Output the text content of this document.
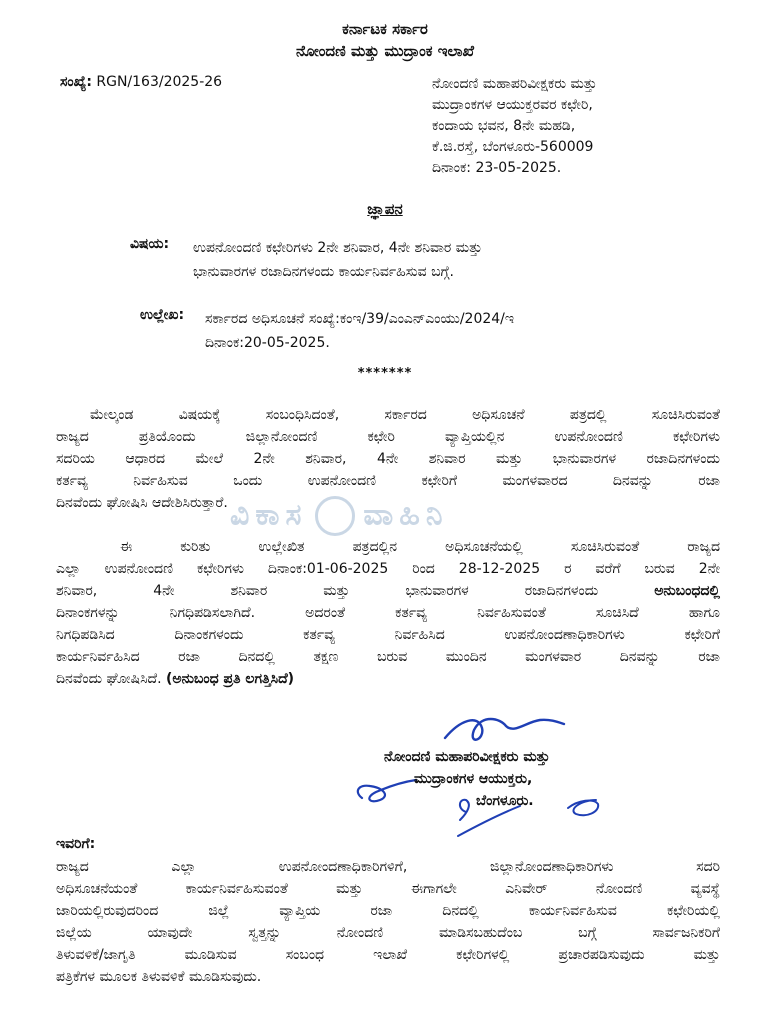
ಕರ್ನಾಟಕ ಸರ್ಕಾರ
ನೋಂದಣಿ ಮತ್ತು ಮುದ್ರಾಂಕ ಇಲಾಖೆ
ಸಂಖ್ಯೆ: RGN/163/2025-26	ನೋಂದಣಿ ಮಹಾಪರಿವೀಕ್ಷಕರು ಮತ್ತು
ಮುದ್ರಾಂಕಗಳ ಆಯುಕ್ತರವರ ಕಛೇರಿ,
ಕಂದಾಯ ಭವನ, 8ನೇ ಮಹಡಿ,
ಕೆ.ಜಿ.ರಸ್ತೆ, ಬೆಂಗಳೂರು-560009
ದಿನಾಂಕ: 23-05-2025.
ಜ್ಞಾಪನ
ವಿಷಯ: ಉಪನೋಂದಣಿ ಕಛೇರಿಗಳು 2ನೇ ಶನಿವಾರ, 4ನೇ ಶನಿವಾರ ಮತ್ತು
ಭಾನುವಾರಗಳ ರಜಾದಿನಗಳಂದು ಕಾರ್ಯನಿರ್ವಹಿಸುವ ಬಗ್ಗೆ.
ಉಲ್ಲೇಖ: ಸರ್ಕಾರದ ಅಧಿಸೂಚನೆ ಸಂಖ್ಯೆ:ಕಂಇ/39/ಎಂಎನ್‌ಎಂಯು/2024/ಇ
ದಿನಾಂಕ:20-05-2025.
*******
ಮೇಲ್ಕಂಡ ವಿಷಯಕ್ಕೆ ಸಂಬಂಧಿಸಿದಂತೆ, ಸರ್ಕಾರದ ಅಧಿಸೂಚನೆ ಪತ್ರದಲ್ಲಿ ಸೂಚಿಸಿರುವಂತೆ
ರಾಜ್ಯದ ಪ್ರತಿಯೊಂದು ಜಿಲ್ಲಾನೋಂದಣಿ ಕಛೇರಿ ವ್ಯಾಪ್ತಿಯಲ್ಲಿನ ಉಪನೋಂದಣಿ ಕಛೇರಿಗಳು
ಸದರಿಯ ಆಧಾರದ ಮೇಲೆ 2ನೇ ಶನಿವಾರ, 4ನೇ ಶನಿವಾರ ಮತ್ತು ಭಾನುವಾರಗಳ ರಜಾದಿನಗಳಂದು
ಕರ್ತವ್ಯ ನಿರ್ವಹಿಸುವ ಒಂದು ಉಪನೋಂದಣಿ ಕಛೇರಿಗೆ ಮಂಗಳವಾರದ ದಿನವನ್ನು ರಜಾ
ದಿನವೆಂದು ಘೋಷಿಸಿ ಆದೇಶಿಸಿರುತ್ತಾರೆ. ವಿಕಾಸ ವಾಹಿನಿ
ಈ ಕುರಿತು ಉಲ್ಲೇಖಿತ ಪತ್ರದಲ್ಲಿನ ಅಧಿಸೂಚನೆಯಲ್ಲಿ ಸೂಚಿಸಿರುವಂತೆ ರಾಜ್ಯದ
ಎಲ್ಲಾ ಉಪನೋಂದಣಿ ಕಛೇರಿಗಳು ದಿನಾಂಕ:01-06-2025 ರಿಂದ 28-12-2025 ರ ವರೆಗೆ ಬರುವ 2ನೇ
ಶನಿವಾರ, 4ನೇ ಶನಿವಾರ ಮತ್ತು ಭಾನುವಾರಗಳ ರಜಾದಿನಗಳಂದು	ಅನುಬಂಧದಲ್ಲಿ
ದಿನಾಂಕಗಳನ್ನು ನಿಗಧಿಪಡಿಸಲಾಗಿದೆ. ಅದರಂತೆ ಕರ್ತವ್ಯ ನಿರ್ವಹಿಸುವಂತೆ ಸೂಚಿಸಿದೆ ಹಾಗೂ
ನಿಗಧಿಪಡಿಸಿದ ದಿನಾಂಕಗಳಂದು ಕರ್ತವ್ಯ ನಿರ್ವಹಿಸಿದ ಉಪನೋಂದಣಾಧಿಕಾರಿಗಳು ಕಛೇರಿಗೆ
ಕಾರ್ಯನಿರ್ವಹಿಸಿದ ರಜಾ ದಿನದಲ್ಲಿ ತಕ್ಷಣ ಬರುವ ಮುಂದಿನ ಮಂಗಳವಾರ ದಿನವನ್ನು ರಜಾ
ದಿನವೆಂದು ಘೋಷಿಸಿದೆ. (ಅನುಬಂಧ ಪ್ರತಿ ಲಗತ್ತಿಸಿದೆ)
ನೋಂದಣಿ ಮಹಾಪರಿವೀಕ್ಷಕರು ಮತ್ತು
ಮುದ್ರಾಂಕಗಳ ಆಯುಕ್ತರು,
ಬೆಂಗಳೂರು.
ಇವರಿಗೆ:
ರಾಜ್ಯದ ಎಲ್ಲಾ ಉಪನೋಂದಣಾಧಿಕಾರಿಗಳಿಗೆ, ಜಿಲ್ಲಾನೋಂದಣಾಧಿಕಾರಿಗಳು ಸದರಿ
ಅಧಿಸೂಚನೆಯಂತೆ ಕಾರ್ಯನಿರ್ವಹಿಸುವಂತೆ ಮತ್ತು ಈಗಾಗಲೇ ಎನಿವೇರ್ ನೋಂದಣಿ ವ್ಯವಸ್ಥೆ
ಜಾರಿಯಲ್ಲಿರುವುದರಿಂದ ಜಿಲ್ಲೆ ವ್ಯಾಪ್ತಿಯ ರಜಾ ದಿನದಲ್ಲಿ ಕಾರ್ಯನಿರ್ವಹಿಸುವ ಕಛೇರಿಯಲ್ಲಿ
ಜಿಲ್ಲೆಯ ಯಾವುದೇ ಸ್ವತ್ತನ್ನು ನೋಂದಣಿ ಮಾಡಿಸಬಹುದೆಂಬ ಬಗ್ಗೆ ಸಾರ್ವಜನಿಕರಿಗೆ
ತಿಳುವಳಿಕೆ/ಜಾಗೃತಿ ಮೂಡಿಸುವ ಸಂಬಂಧ ಇಲಾಖೆ ಕಛೇರಿಗಳಲ್ಲಿ ಪ್ರಚಾರಪಡಿಸುವುದು ಮತ್ತು
ಪತ್ರಿಕೆಗಳ ಮೂಲಕ ತಿಳುವಳಿಕೆ ಮೂಡಿಸುವುದು.
